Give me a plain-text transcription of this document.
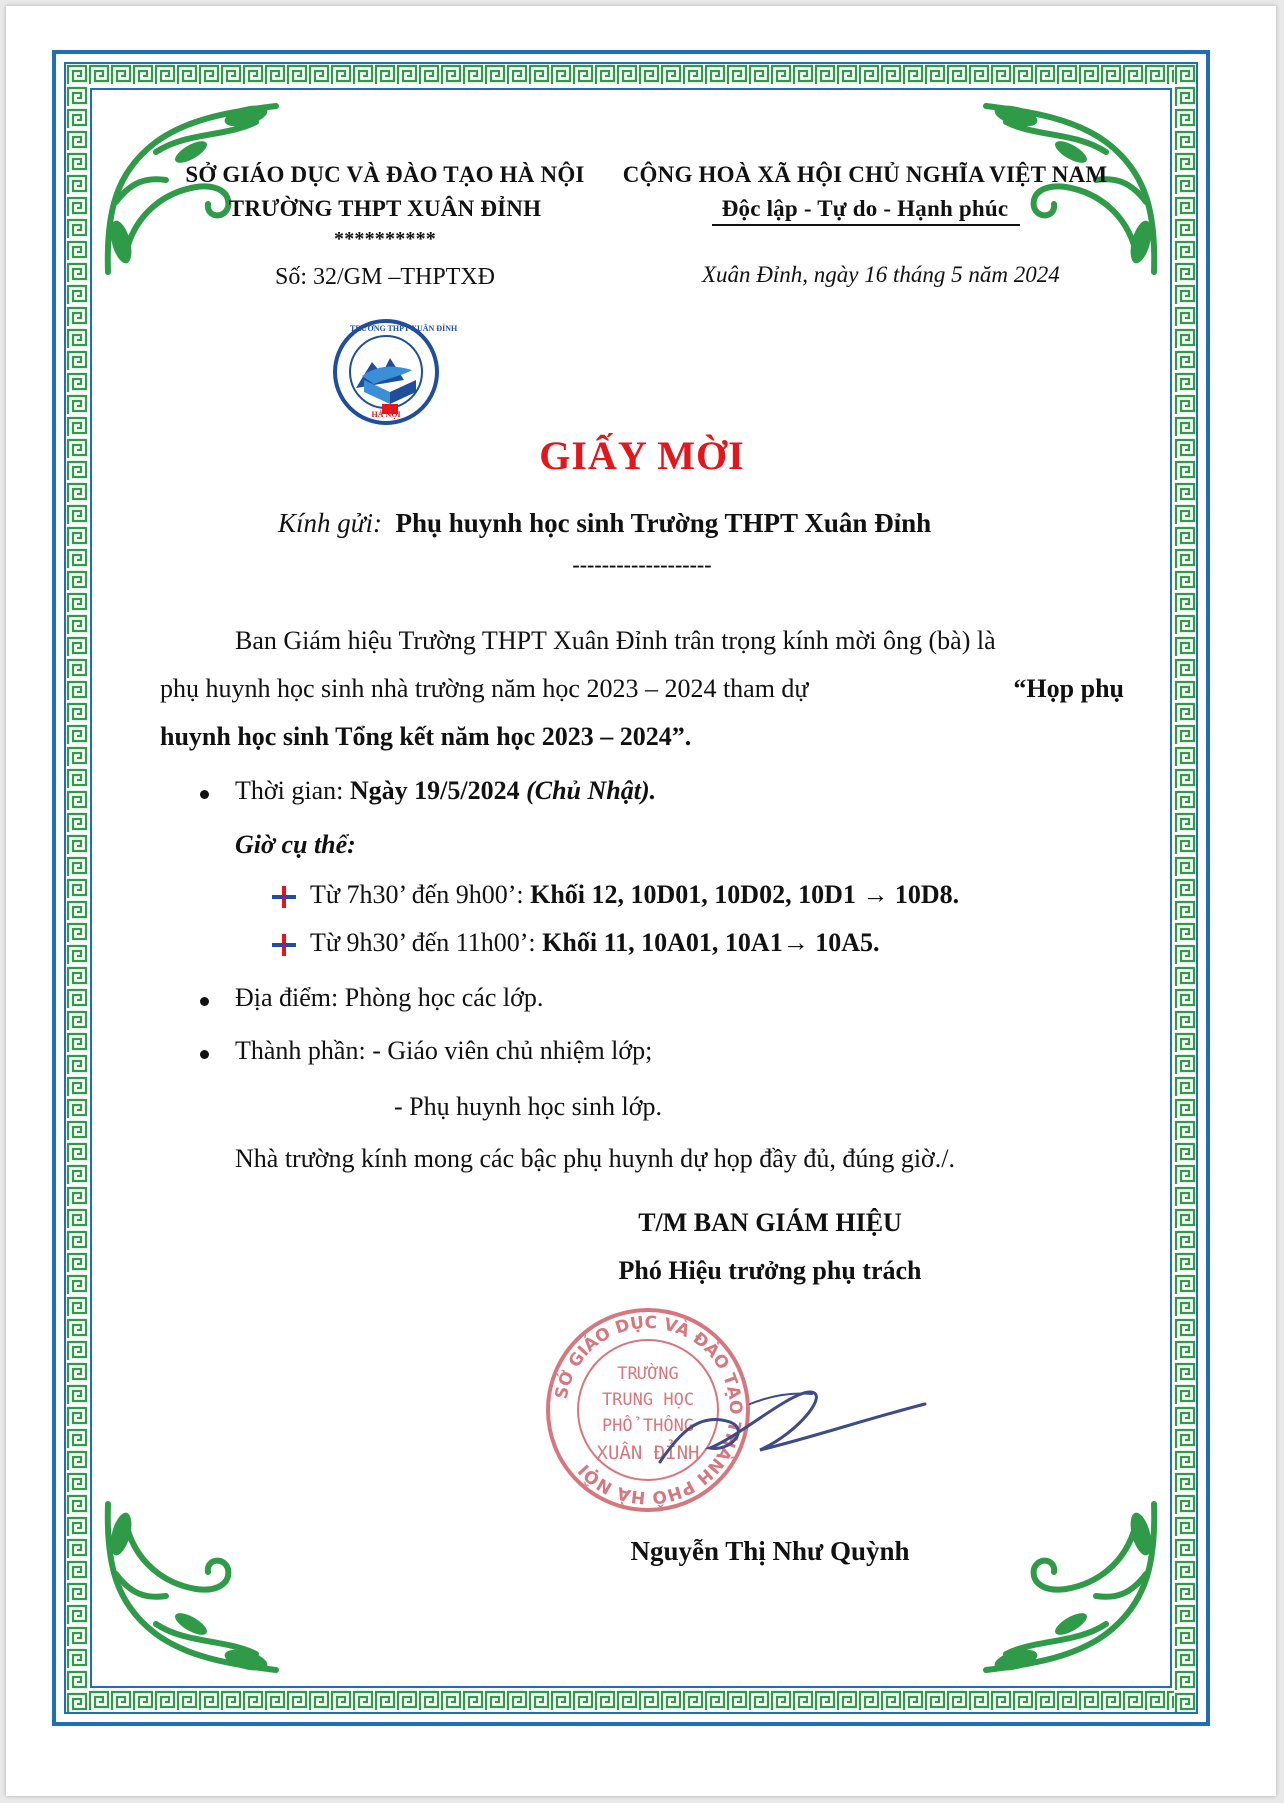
SỞ GIÁO DỤC VÀ ĐÀO TẠO HÀ NỘI
TRƯỜNG THPT XUÂN ĐỈNH
**********
Số: 32/GM –THPTXĐ
CỘNG HOÀ XÃ HỘI CHỦ NGHĨA VIỆT NAM
Độc lập - Tự do - Hạnh phúc
Xuân Đỉnh, ngày 16 tháng 5 năm 2024
TRƯỜNG THPT XUÂN ĐỈNH
HÀ NỘI
GIẤY MỜI
Kính gửi: Phụ huynh học sinh Trường THPT Xuân Đỉnh
-------------------
Ban Giám hiệu Trường THPT Xuân Đỉnh trân trọng kính mời ông (bà) là
phụ huynh học sinh nhà trường năm học 2023 – 2024 tham dự	“Họp phụ
huynh học sinh Tổng kết năm học 2023 – 2024”.
Thời gian: Ngày 19/5/2024 (Chủ Nhật).
Giờ cụ thể:
Từ 7h30’ đến 9h00’: Khối 12, 10D01, 10D02, 10D1 → 10D8.
Từ 9h30’ đến 11h00’: Khối 11, 10A01, 10A1→ 10A5.
Địa điểm: Phòng học các lớp.
Thành phần: - Giáo viên chủ nhiệm lớp;
- Phụ huynh học sinh lớp.
Nhà trường kính mong các bậc phụ huynh dự họp đầy đủ, đúng giờ./.
T/M BAN GIÁM HIỆU
Phó Hiệu trưởng phụ trách
SỞ GIÁO DỤC VÀ ĐÀO TẠO THÀNH PHỐ HÀ NỘI
TRƯỜNG
TRUNG HỌC
PHỔ THÔNG
XUÂN ĐỈNH
Nguyễn Thị Như Quỳnh
